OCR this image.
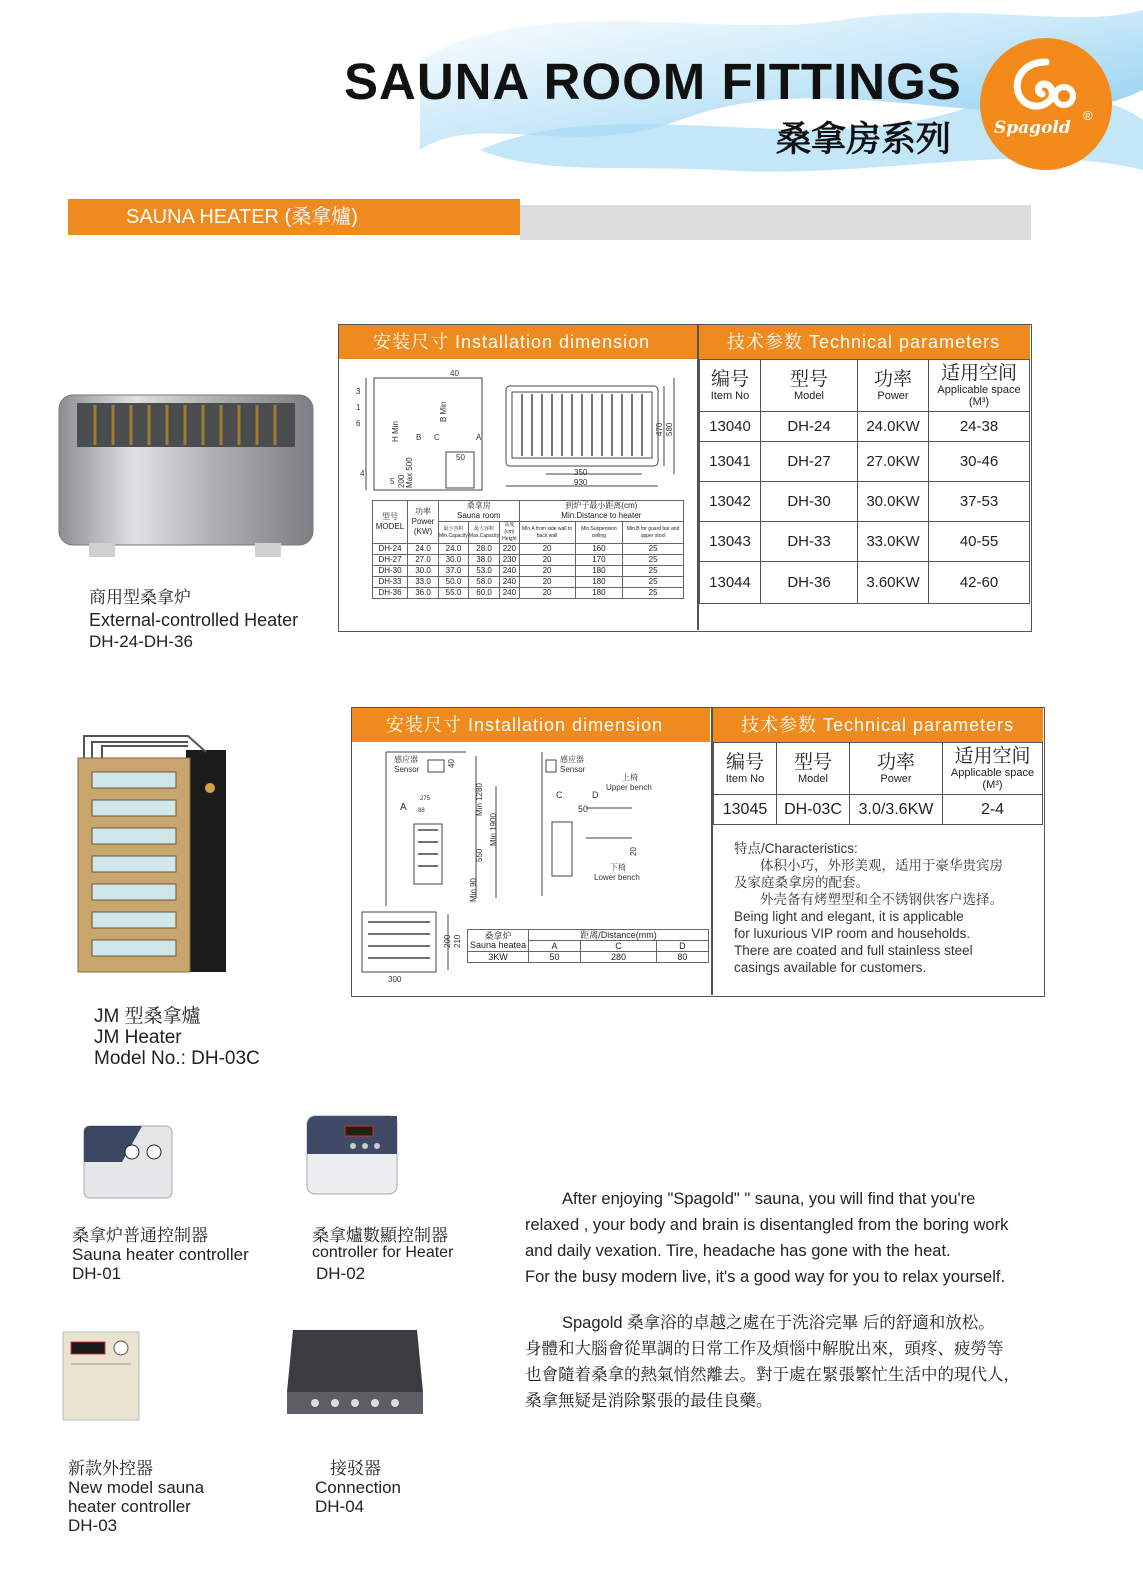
SAUNA ROOM FITTINGS
桑拿房系列	Spagold
®
SAUNA HEATER (桑拿爐)
商用型桑拿炉
External-controlled Heater
DH-24-DH-36
安装尺寸 Installation dimension	技术参数 Technical parameters
3
1
6
4
5
40
50
C	A
B
350
930
H Min
B Min
Max 500
200
470 580
型号
MODEL	功率
Power
(KW)	桑拿房
Sauna room			到炉子最小距离(cm)
Min.Distance to heater		
		最小容积
Min.Capacity	最大容积
Max.Capacity	高度(cm)
Height	Min.A from side wall to back wall	Min.Suspension ceiling	Min.B for guard bar and upper stool
DH-24	24.0	24.0	28.0	220	20	160	25
DH-27	27.0	30.0	38.0	230	20	170	25
DH-30	30.0	37.0	53.0	240	20	180	25
DH-33	33.0	50.0	58.0	240	20	180	25
DH-36	36.0	55.0	60.0	240	20	180	25
编号
Item No	型号
Model	功率
Power	适用空间
Applicable space
(M³)

13040	DH-24	24.0KW	24-38
13041	DH-27	27.0KW	30-46
13042	DH-30	30.0KW	37-53
13043	DH-33	33.0KW	40-55
13044	DH-36	3.60KW	42-60
JM 型桑拿爐
JM Heater
Model No.: DH-03C
安装尺寸 Installation dimension	技术参数 Technical parameters
感应器
Sensor
感应器
Sensor
上椅
Upper bench
下椅
Lower bench
A
275
88
C	D
50
300
40
Min 1280
Min 1900
550
Min 90
20
200 210 桑拿炉
Sauna heatea	距离/Distance(mm)		
	A	C	D
3KW	50	280	80
编号
Item No	型号
Model	功率
Power	适用空间
Applicable space
(M³)

13045	DH-03C	3.0/3.6KW	2-4
特点/Characteristics:
体积小巧，外形美观，适用于豪华贵宾房
及家庭桑拿房的配套。
外壳备有烤塑型和全不锈钢供客户选择。
Being light and elegant, it is applicable
for luxurious VIP room and households.
There are coated and full stainless steel
casings available for customers.
桑拿炉普通控制器
Sauna heater controller
DH-01
桑拿爐數顯控制器
controller for Heater
DH-02
新款外控器
New model sauna
heater controller
DH-03
接驳器
Connection
DH-04
After enjoying "Spagold" " sauna, you will find that you're
relaxed , your body and brain is disentangled from the boring work
and daily vexation. Tire, headache has gone with the heat.
For the busy modern live, it's a good way for you to relax yourself.
Spagold 桑拿浴的卓越之處在于洗浴完畢 后的舒適和放松。
身體和大腦會從單調的日常工作及煩惱中解脫出來，頭疼、疲勞等
也會隨着桑拿的熱氣悄然離去。對于處在緊張繁忙生活中的現代人，
桑拿無疑是消除緊張的最佳良藥。
